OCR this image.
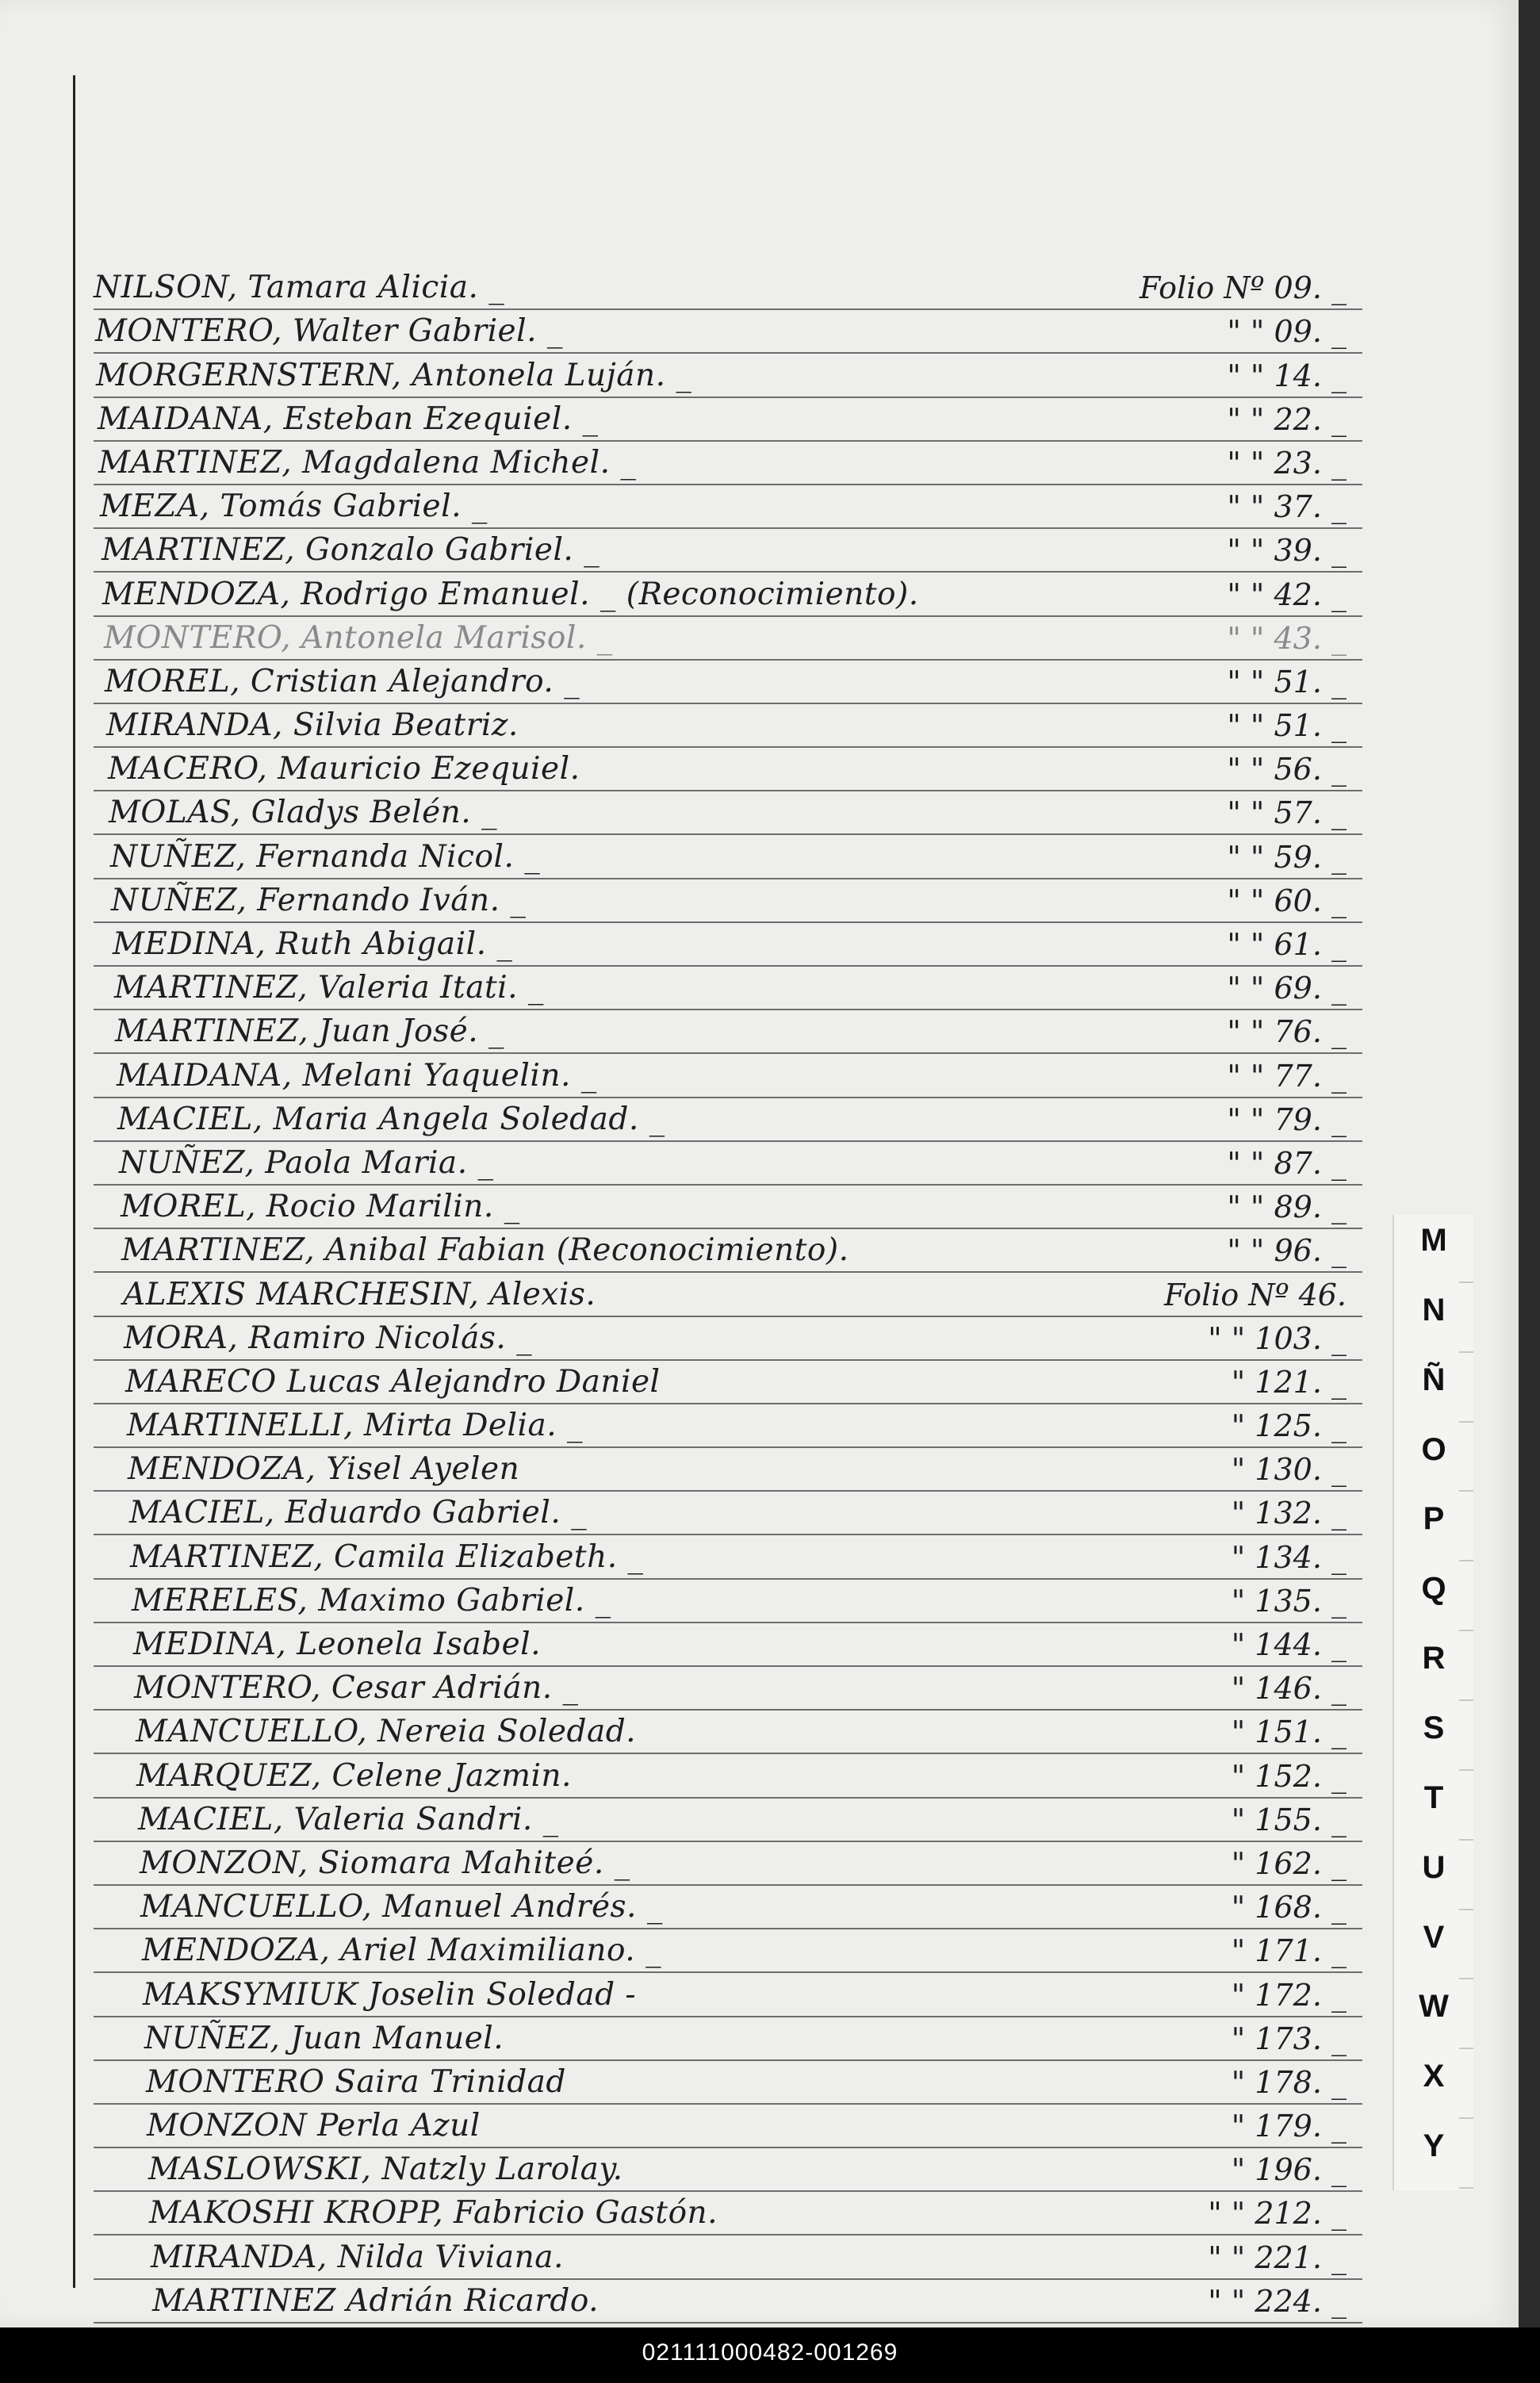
NILSON, Tamara Alicia. _	Folio Nº 09. _
MONTERO, Walter Gabriel. _	" " 09. _
MORGERNSTERN, Antonela Luján. _	" " 14. _
MAIDANA, Esteban Ezequiel. _	" " 22. _
MARTINEZ, Magdalena Michel. _	" " 23. _
MEZA, Tomás Gabriel. _	" " 37. _
MARTINEZ, Gonzalo Gabriel. _	" " 39. _
MENDOZA, Rodrigo Emanuel. _ (Reconocimiento).	" " 42. _
MONTERO, Antonela Marisol. _	" " 43. _
MOREL, Cristian Alejandro. _	" " 51. _
MIRANDA, Silvia Beatriz.	" " 51. _
MACERO, Mauricio Ezequiel.	" " 56. _
MOLAS, Gladys Belén. _	" " 57. _
NUÑEZ, Fernanda Nicol. _	" " 59. _
NUÑEZ, Fernando Iván. _	" " 60. _
MEDINA, Ruth Abigail. _	" " 61. _
MARTINEZ, Valeria Itati. _	" " 69. _
MARTINEZ, Juan José. _	" " 76. _
MAIDANA, Melani Yaquelin. _	" " 77. _
MACIEL, Maria Angela Soledad. _	" " 79. _
NUÑEZ, Paola Maria. _	" " 87. _
MOREL, Rocio Marilin. _	" " 89. _
MARTINEZ, Anibal Fabian (Reconocimiento).	" " 96. _
ALEXIS MARCHESIN, Alexis.	Folio Nº 46.
MORA, Ramiro Nicolás. _	" " 103. _
MARECO Lucas Alejandro Daniel	" 121. _
MARTINELLI, Mirta Delia. _	" 125. _
MENDOZA, Yisel Ayelen	" 130. _
MACIEL, Eduardo Gabriel. _	" 132. _
MARTINEZ, Camila Elizabeth. _	" 134. _
MERELES, Maximo Gabriel. _	" 135. _
MEDINA, Leonela Isabel.	" 144. _
MONTERO, Cesar Adrián. _	" 146. _
MANCUELLO, Nereia Soledad.	" 151. _
MARQUEZ, Celene Jazmin.	" 152. _
MACIEL, Valeria Sandri. _	" 155. _
MONZON, Siomara Mahiteé. _	" 162. _
MANCUELLO, Manuel Andrés. _	" 168. _
MENDOZA, Ariel Maximiliano. _	" 171. _
MAKSYMIUK Joselin Soledad -	" 172. _
NUÑEZ, Juan Manuel.	" 173. _
MONTERO Saira Trinidad	" 178. _
MONZON Perla Azul	" 179. _
MASLOWSKI, Natzly Larolay.	" 196. _
MAKOSHI KROPP, Fabricio Gastón.	" " 212. _
MIRANDA, Nilda Viviana.	" " 221. _
MARTINEZ Adrián Ricardo.	" " 224. _
M
N
Ñ
O
P
Q
R
S
T
U
V
W
X
Y
021111000482-001269
